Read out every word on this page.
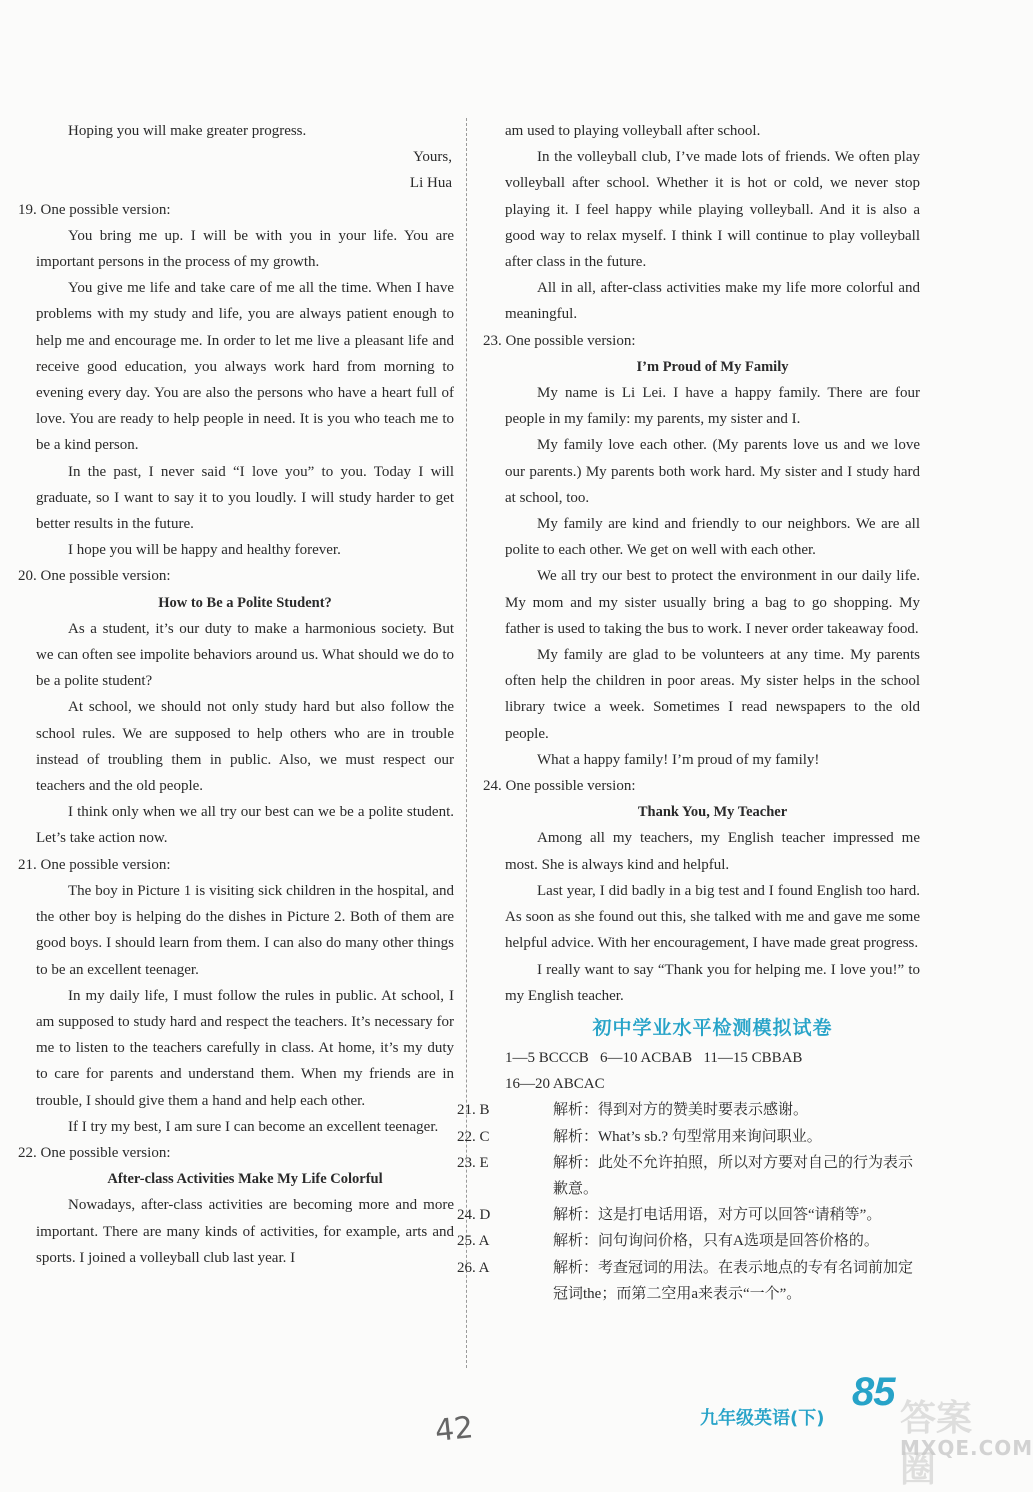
Hoping you will make greater progress.

Yours,

Li Hua

19. One possible version:

You bring me up. I will be with you in your life. You are important persons in the process of my growth.

You give me life and take care of me all the time. When I have problems with my study and life, you are always patient enough to help me and encourage me. In order to let me live a pleasant life and receive good education, you always work hard from morning to evening every day. You are also the persons who have a heart full of love. You are ready to help people in need. It is you who teach me to be a kind person.

In the past, I never said “I love you” to you. Today I will graduate, so I want to say it to you loudly. I will study harder to get better results in the future.

I hope you will be happy and healthy forever.

20. One possible version:

How to Be a Polite Student?

As a student, it’s our duty to make a harmonious society. But we can often see impolite behaviors around us. What should we do to be a polite student?

At school, we should not only study hard but also follow the school rules. We are supposed to help others who are in trouble instead of troubling them in public. Also, we must respect our teachers and the old people.

I think only when we all try our best can we be a polite student. Let’s take action now.

21. One possible version:

The boy in Picture 1 is visiting sick children in the hospital, and the other boy is helping do the dishes in Picture 2. Both of them are good boys. I should learn from them. I can also do many other things to be an excellent teenager.

In my daily life, I must follow the rules in public. At school, I am supposed to study hard and respect the teachers. It’s necessary for me to listen to the teachers carefully in class. At home, it’s my duty to care for parents and understand them. When my friends are in trouble, I should give them a hand and help each other.

If I try my best, I am sure I can become an excellent teenager.

22. One possible version:

After-class Activities Make My Life Colorful

Nowadays, after-class activities are becoming more and more important. There are many kinds of activities, for example, arts and sports. I joined a volleyball club last year. I

am used to playing volleyball after school.

In the volleyball club, I’ve made lots of friends. We often play volleyball after school. Whether it is hot or cold, we never stop playing it. I feel happy while playing volleyball. And it is also a good way to relax myself. I think I will continue to play volleyball after class in the future.

All in all, after-class activities make my life more colorful and meaningful.

23. One possible version:

I’m Proud of My Family

My name is Li Lei. I have a happy family. There are four people in my family: my parents, my sister and I.

My family love each other. (My parents love us and we love our parents.) My parents both work hard. My sister and I study hard at school, too.

My family are kind and friendly to our neighbors. We are all polite to each other. We get on well with each other.

We all try our best to protect the environment in our daily life. My mom and my sister usually bring a bag to go shopping. My father is used to taking the bus to work. I never order takeaway food.

My family are glad to be volunteers at any time. My parents often help the children in poor areas. My sister helps in the school library twice a week. Sometimes I read newspapers to the old people.

What a happy family! I’m proud of my family!

24. One possible version:

Thank You, My Teacher

Among all my teachers, my English teacher impressed me most. She is always kind and helpful.

Last year, I did badly in a big test and I found English too hard. As soon as she found out this, she talked with me and gave me some helpful advice. With her encouragement, I have made great progress.

I really want to say “Thank you for helping me. I love you!” to my English teacher.

初中学业水平检测模拟试卷

1—5 BCCCB   6—10 ACBAB   11—15 CBBAB

16—20 ABCAC

21. B	解析：得到对方的赞美时要表示感谢。

22. C	解析：What’s sb.? 句型常用来询问职业。

23. E	解析：此处不允许拍照，所以对方要对自己的行为表示歉意。

24. D	解析：这是打电话用语，对方可以回答“请稍等”。

25. A	解析：问句询问价格，只有A选项是回答价格的。

26. A	解析：考查冠词的用法。在表示地点的专有名词前加定冠词the；而第二空用a来表示“一个”。

42	九年级英语(下)
85
答案圈
MXQE.COM
